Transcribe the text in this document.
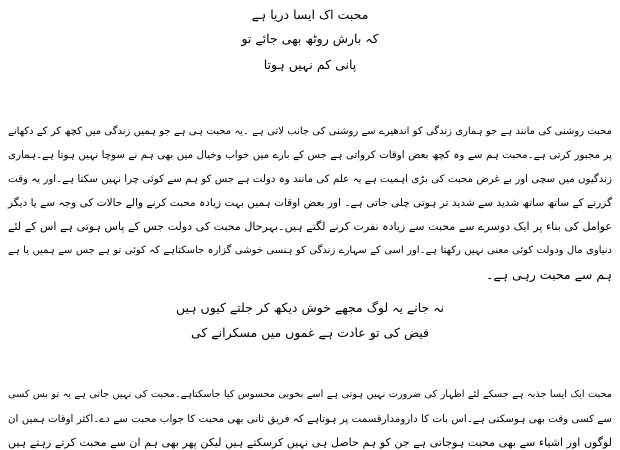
محبت اک ایسا دریا ہے
کہ بارش روٹھ بھی جائے تو
پانی کم نہیں ہوتا
محبت روشنی کی مانند ہے جو ہماری زندگی کو اندھیرے سے روشنی کی جانب لاتی ہے ۔یہ محبت ہی ہے جو ہمیں زندگی میں کچھ کر کے دکھانے
پر مجبور کرتی ہے۔محبت ہم سے وہ کچھ بعض اوقات کرواتی ہے جس کے بارے میں خواب وخیال میں بھی ہم نے سوچا نہیں ہوتا ہے۔ہماری
زندگیوں میں سچی اور بے غرض محبت کی بڑی اہمیت ہے یہ علم کی مانند وہ دولت ہے جس کو ہم سے کوئی چرا نہیں سکتا ہے۔اور یہ وقت
گزرنے کے ساتھ ساتھ شدید سے شدید تر ہوتی چلی جاتی ہے۔ اور بعض اوقات ہمیں بہت زیادہ محبت کرنے والے حالات کی وجہ سے یا دیگر
عوامل کی بناء پر ایک دوسرے سے محبت سے زیادہ نفرت کرنے لگتے ہیں۔بہرحال محبت کی دولت جس کے پاس ہوتی ہے اس کے لئے
دنیاوی مال ودولت کوئی معنی نہیں رکھتا ہے۔اور اسی کے سہارے زندگی کو ہنسی خوشی گزارہ جاسکتاہے کہ کوئی تو ہے جس سے ہمیں یا ہے
ہم سے محبت رہی ہے۔
نہ جانے یہ لوگ مجھے خوش دیکھ کر جلتے کیوں ہیں
فیض کی تو عادت ہے غموں میں مسکرانے کی
محبت ایک ایسا جذبہ ہے جسکے لئے اظہار کی ضرورت نہیں ہوتی ہے اسے بخوبی محسوس کیا جاسکتاہے۔محبت کی نہیں جاتی ہے یہ تو بس کسی
سے کسی وقت بھی ہوسکتی ہے۔اس بات کا دارومدارقسمت پر ہوتاہے کہ فریق ثانی بھی محبت کا جواب محبت سے دے۔اکثر اوقات ہمیں ان
لوگوں اور اشیاء سے بھی محبت ہوجاتی ہے جن کو ہم حاصل ہی نہیں کرسکتے ہیں لیکن پھر بھی ہم ان سے محبت کرتے رہتے ہیں
